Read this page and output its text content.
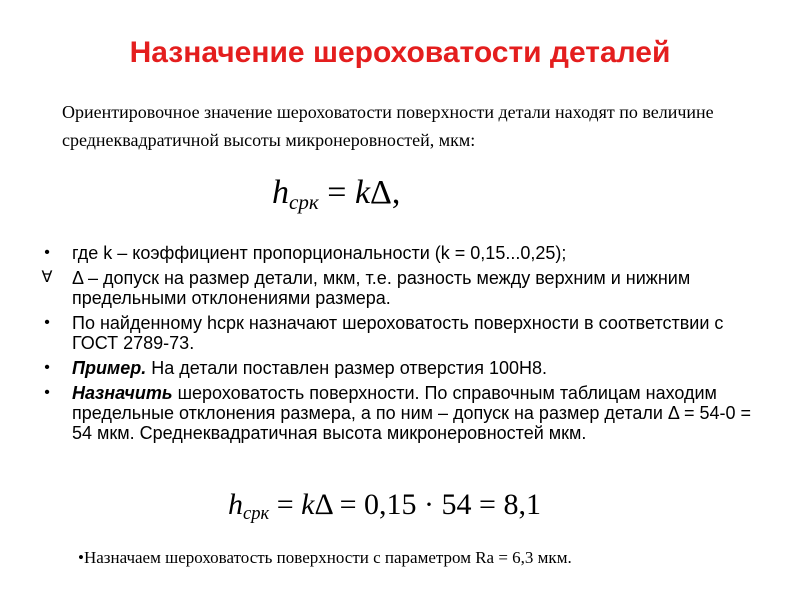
Назначение шероховатости деталей
Ориентировочное значение шероховатости поверхности детали находят по величине среднеквадратичной высоты микронеровностей, мкм:
hсрк = kΔ,
•	где k – коэффициент пропорциональности (k = 0,15...0,25);
∀ Δ – допуск на размер детали, мкм, т.е. разность между верхним и нижним предельными отклонениями размера.
•	По найденному hсрк назначают шероховатость поверхности в соответствии с ГОСТ 2789-73.
•	Пример. На детали поставлен размер отверстия 100H8.
•	Назначить шероховатость поверхности. По справочным таблицам находим предельные отклонения размера, а по ним – допуск на размер детали Δ = 54-0 = 54 мкм. Среднеквадратичная высота микронеровностей мкм.
hсрк = kΔ = 0,15 · 54 = 8,1
•Назначаем шероховатость поверхности с параметром Ra = 6,3 мкм.
